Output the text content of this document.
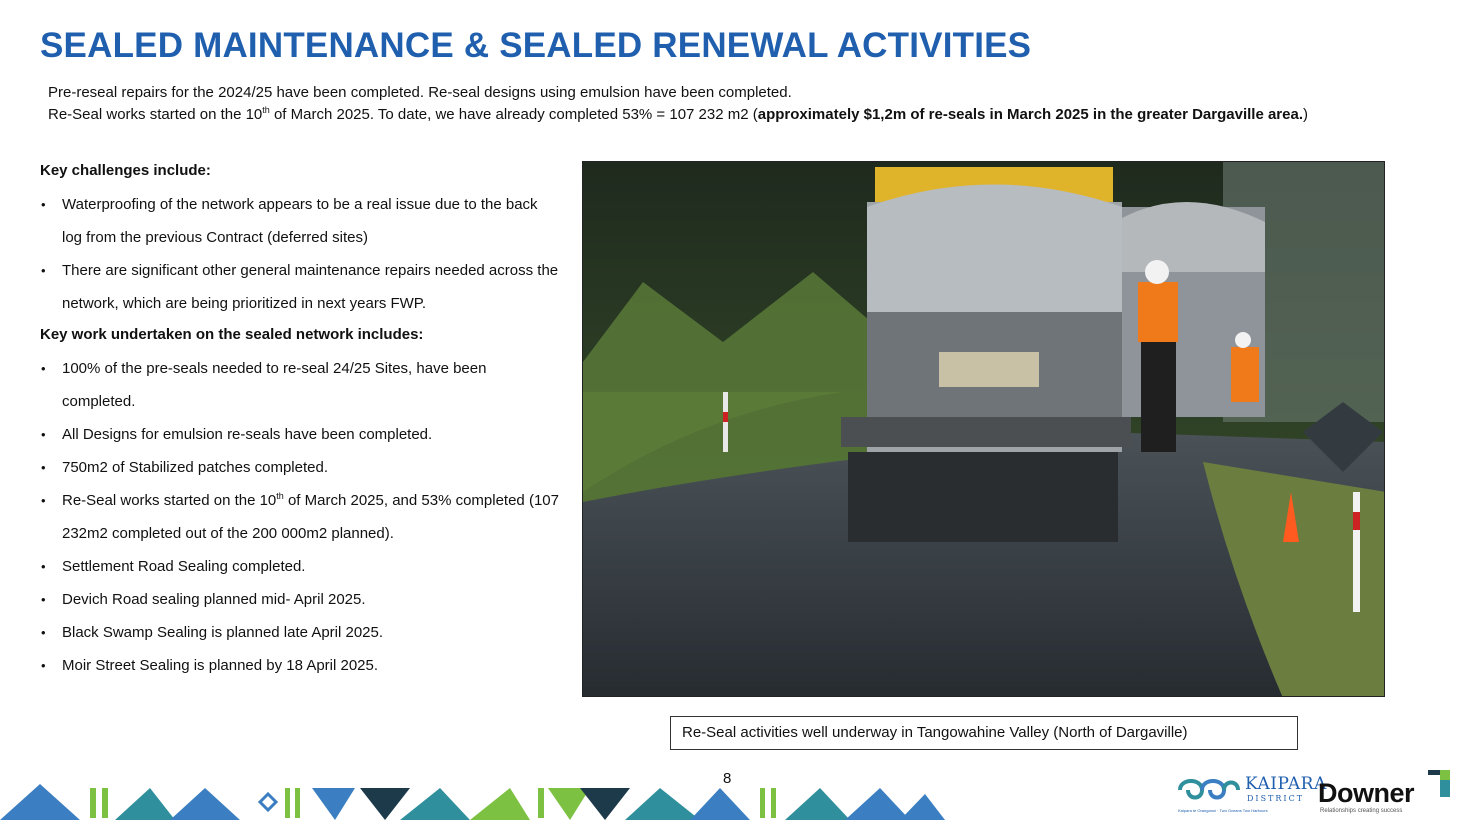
SEALED MAINTENANCE & SEALED RENEWAL ACTIVITIES

Pre-reseal repairs for the 2024/25 have been completed. Re-seal designs using emulsion have been completed.

Re-Seal works started on the 10th of March 2025. To date, we have already completed 53% = 107 232 m2 (approximately $1,2m of re-seals in March 2025 in the greater Dargaville area.)

Key challenges include:
• Waterproofing of the network appears to be a real issue due to the back log from the previous Contract (deferred sites)
• There are significant other general maintenance repairs needed across the network, which are being prioritized in next years FWP.
Key work undertaken on the sealed network includes:
• 100% of the pre-seals needed to re-seal 24/25 Sites, have been completed.
• All Designs for emulsion re-seals have been completed.
• 750m2 of Stabilized patches completed.
• Re-Seal works started on the 10th of March 2025, and 53% completed (107 232m2 completed out of the 200 000m2 planned).
• Settlement Road Sealing completed.
• Devich Road sealing planned mid- April 2025.
• Black Swamp Sealing is planned late April 2025.
• Moir Street Sealing is planned by 18 April 2025.
Re-Seal activities well underway in Tangowahine Valley (North of Dargaville)
8	KAIPARA
DISTRICT
Kaipara te Oranganui · Two Oceans Two Harbours
Downer
Relationships creating success
